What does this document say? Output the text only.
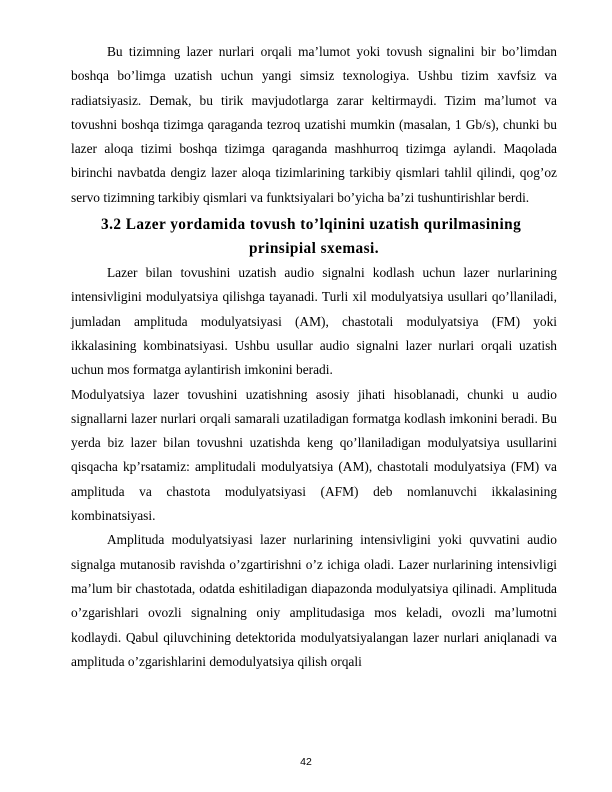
Bu tizimning lazer nurlari orqali ma’lumot yoki tovush signalini bir bo’limdan boshqa bo’limga uzatish uchun yangi simsiz texnologiya. Ushbu tizim xavfsiz va radiatsiyasiz. Demak, bu tirik mavjudotlarga zarar keltirmaydi. Tizim ma’lumot va tovushni boshqa tizimga qaraganda tezroq uzatishi mumkin (masalan, 1 Gb/s), chunki bu lazer aloqa tizimi boshqa tizimga qaraganda mashhurroq tizimga aylandi. Maqolada birinchi navbatda dengiz lazer aloqa tizimlarining tarkibiy qismlari tahlil qilindi, qog’oz servo tizimning tarkibiy qismlari va funktsiyalari bo’yicha ba’zi tushuntirishlar berdi.

3.2 Lazer yordamida tovush to’lqinini uzatish qurilmasining
prinsipial sxemasi.

Lazer bilan tovushini uzatish audio signalni kodlash uchun lazer nurlarining intensivligini modulyatsiya qilishga tayanadi. Turli xil modulyatsiya usullari qo’llaniladi, jumladan amplituda modulyatsiyasi (AM), chastotali modulyatsiya (FM) yoki ikkalasining kombinatsiyasi. Ushbu usullar audio signalni lazer nurlari orqali uzatish uchun mos formatga aylantirish imkonini beradi.

Modulyatsiya lazer tovushini uzatishning asosiy jihati hisoblanadi, chunki u audio signallarni lazer nurlari orqali samarali uzatiladigan formatga kodlash imkonini beradi. Bu yerda biz lazer bilan tovushni uzatishda keng qo’llaniladigan modulyatsiya usullarini qisqacha kp’rsatamiz: amplitudali modulyatsiya (AM), chastotali modulyatsiya (FM) va amplituda va chastota modulyatsiyasi (AFM) deb nomlanuvchi ikkalasining kombinatsiyasi.

Amplituda modulyatsiyasi lazer nurlarining intensivligini yoki quvvatini audio signalga mutanosib ravishda o’zgartirishni o’z ichiga oladi. Lazer nurlarining intensivligi ma’lum bir chastotada, odatda eshitiladigan diapazonda modulyatsiya qilinadi. Amplituda o’zgarishlari ovozli signalning oniy amplitudasiga mos keladi, ovozli ma’lumotni kodlaydi. Qabul qiluvchining detektorida modulyatsiyalangan lazer nurlari aniqlanadi va amplituda o’zgarishlarini demodulyatsiya qilish orqali

42
